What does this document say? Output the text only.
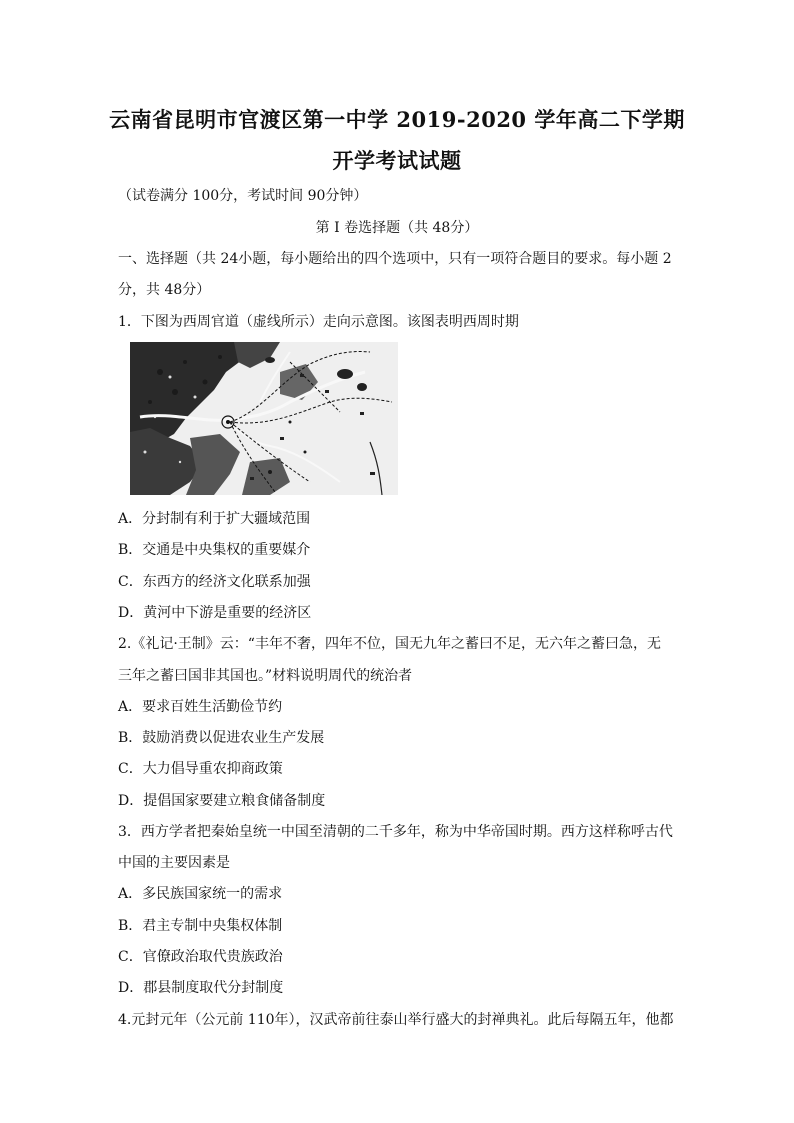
云南省昆明市官渡区第一中学 2019-2020 学年高二下学期
开学考试试题
（试卷满分 100分，考试时间 90分钟）
第 I 卷选择题（共 48分）
一、选择题（共 24小题，每小题给出的四个选项中，只有一项符合题目的要求。每小题 2
分，共 48分）
1．下图为西周官道（虚线所示）走向示意图。该图表明西周时期
A．分封制有利于扩大疆域范围
B．交通是中央集权的重要媒介
C．东西方的经济文化联系加强
D．黄河中下游是重要的经济区
2.《礼记·王制》云：“丰年不奢，四年不位，国无九年之蓄曰不足，无六年之蓄曰急，无
三年之蓄曰国非其国也。”材料说明周代的统治者
A．要求百姓生活勤俭节约
B．鼓励消费以促进农业生产发展
C．大力倡导重农抑商政策
D．提倡国家要建立粮食储备制度
3．西方学者把秦始皇统一中国至清朝的二千多年，称为中华帝国时期。西方这样称呼古代
中国的主要因素是
A．多民族国家统一的需求
B．君主专制中央集权体制
C．官僚政治取代贵族政治
D．郡县制度取代分封制度
4.元封元年（公元前 110年），汉武帝前往泰山举行盛大的封禅典礼。此后每隔五年，他都
